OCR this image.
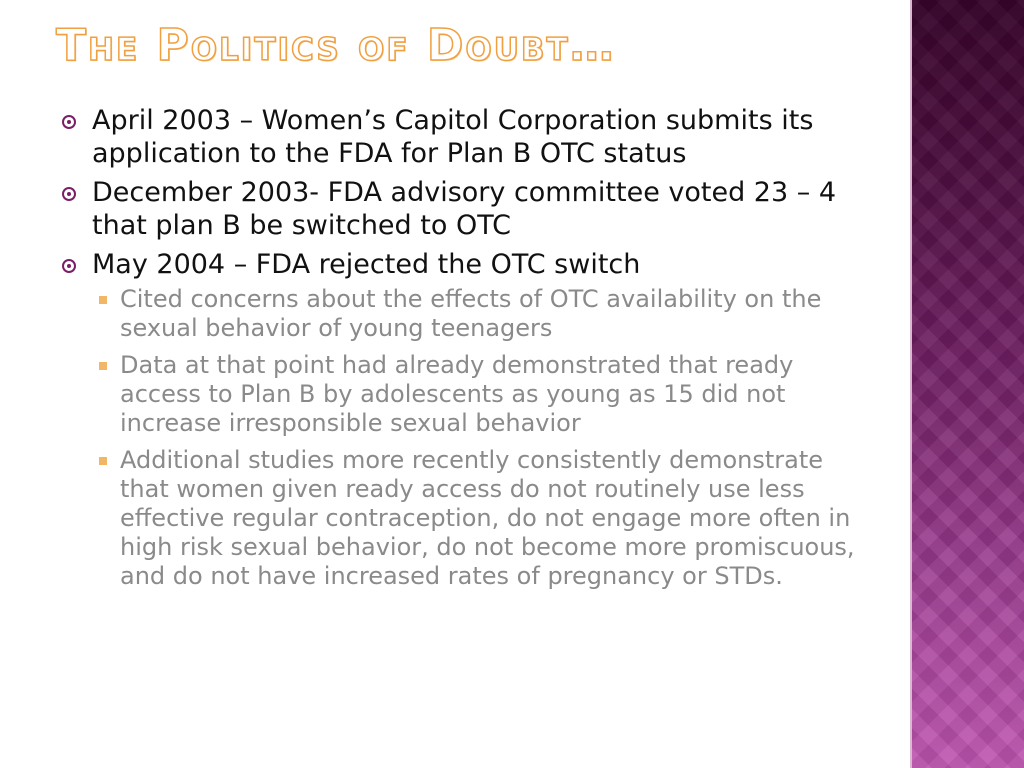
The Politics of Doubt…
April 2003 – Women’s Capitol Corporation submits its application to the FDA for Plan B OTC status
December 2003- FDA advisory committee voted 23 – 4 that plan B be switched to OTC
May 2004 – FDA rejected the OTC switch
Cited concerns about the effects of OTC availability on the sexual behavior of young teenagers
Data at that point had already demonstrated that ready access to Plan B by adolescents as young as 15 did not increase irresponsible sexual behavior
Additional studies more recently consistently demonstrate that women given ready access do not routinely use less effective regular contraception, do not engage more often in high risk sexual behavior, do not become more promiscuous, and do not have increased rates of pregnancy or STDs.
